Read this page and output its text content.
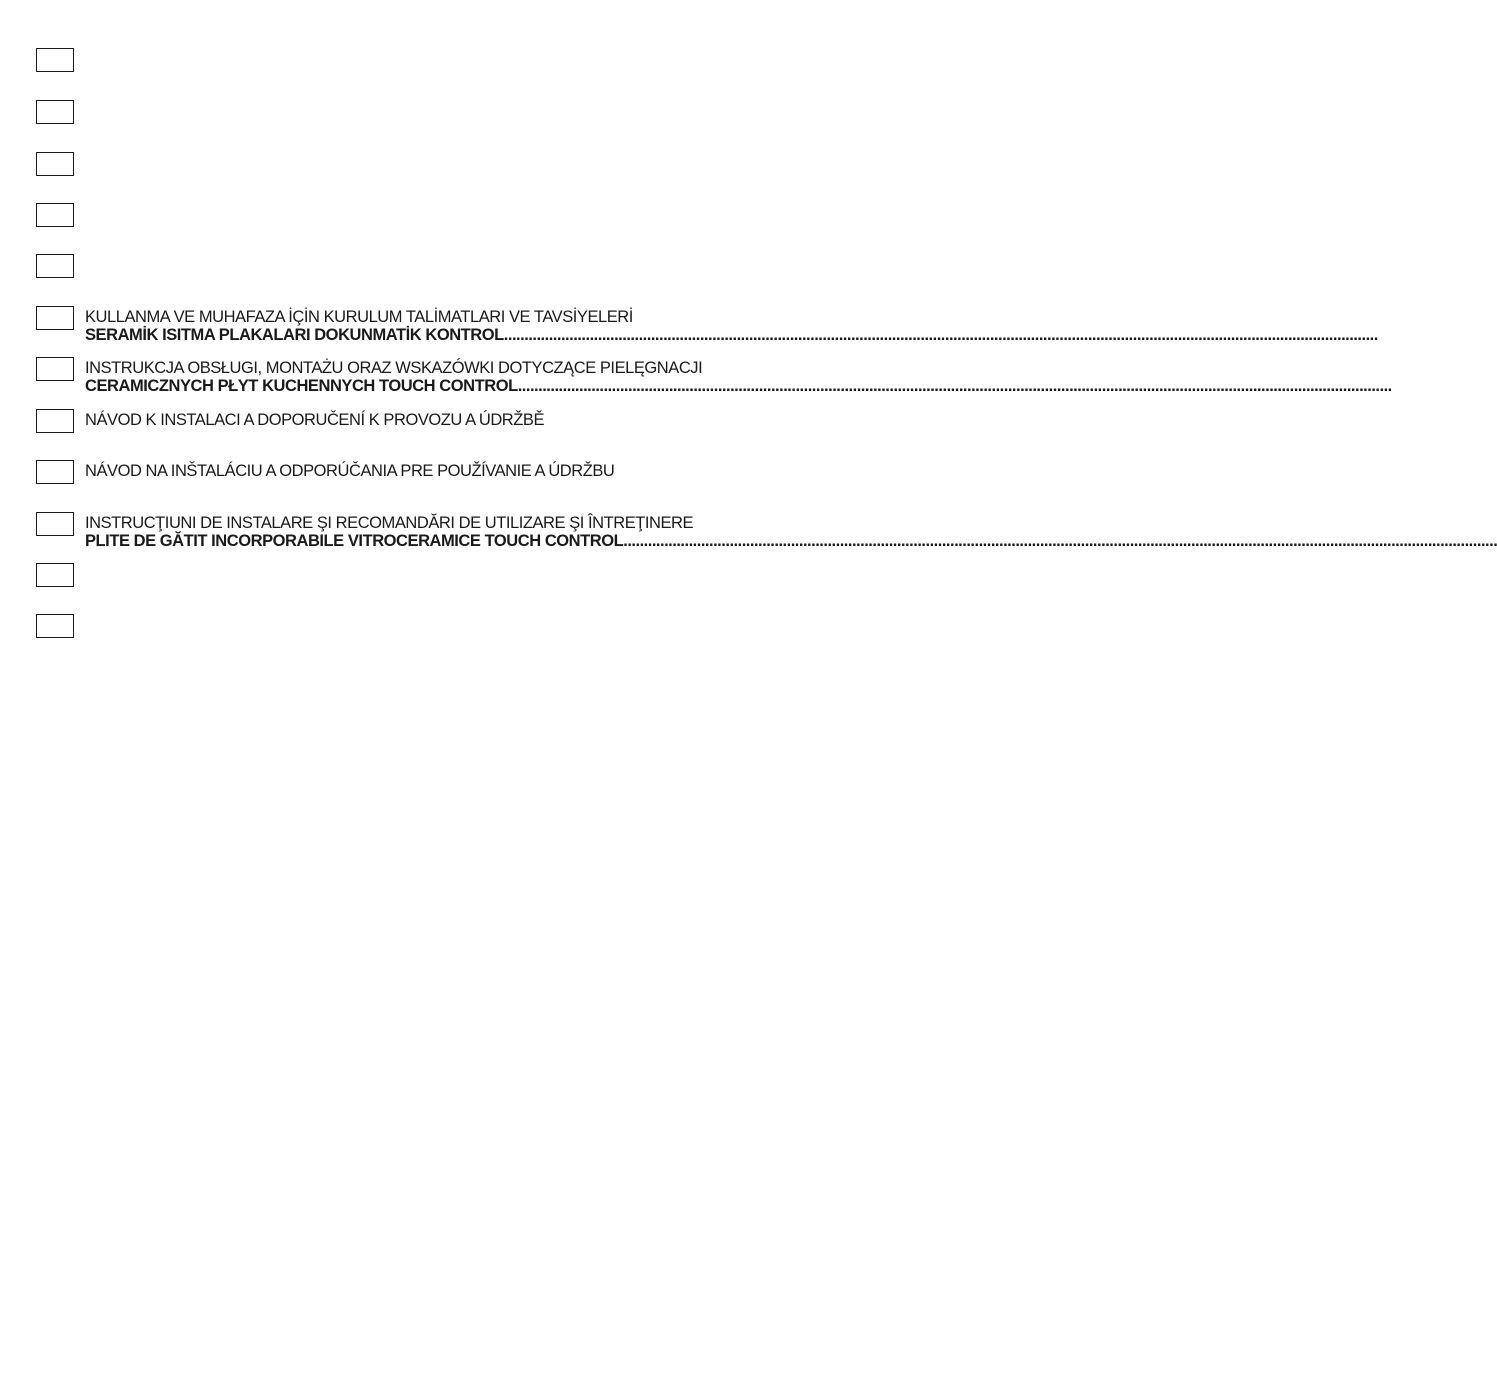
KULLANMA VE MUHAFAZA İÇİN KURULUM TALİMATLARI VE TAVSİYELERİ
SERAMİK ISITMA PLAKALARI DOKUNMATİK KONTROL ......................................................................................................................................................................................................................
INSTRUKCJA OBSŁUGI, MONTAŻU ORAZ WSKAZÓWKI DOTYCZĄCE PIELĘGNACJI
CERAMICZNYCH PŁYT KUCHENNYCH TOUCH CONTROL ......................................................................................................................................................................................................................
NÁVOD K INSTALACI A DOPORUČENÍ K PROVOZU A ÚDRŽBĚ
NÁVOD NA INŠTALÁCIU A ODPORÚČANIA PRE POUŽÍVANIE A ÚDRŽBU
INSTRUCŢIUNI DE INSTALARE ŞI RECOMANDĂRI DE UTILIZARE ŞI ÎNTREŢINERE
PLITE DE GĂTIT INCORPORABILE VITROCERAMICE TOUCH CONTROL ......................................................................................................................................................................................................................
